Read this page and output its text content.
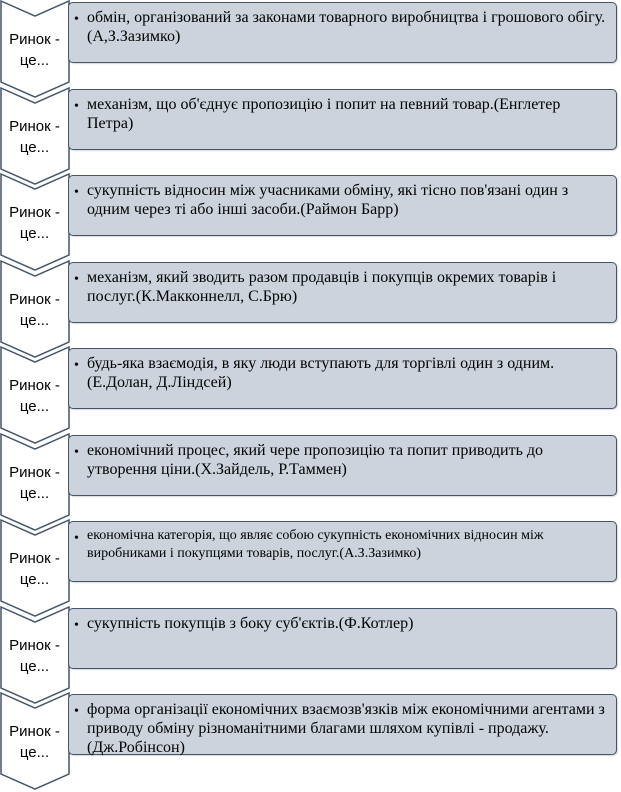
Ринок -
це...
• обмін, організований за законами товарного виробництва і грошового обігу. (А,З.Зазимко)
Ринок -
це...
• механізм, що об'єднує пропозицію і попит на певний товар.(Енглетер Петра)
Ринок -
це...
• сукупність відносин між учасниками обміну, які тісно пов'язані один з одним через ті або інші засоби.(Раймон Барр)
Ринок -
це...
• механізм, який зводить разом продавців і покупців окремих товарів і послуг.(К.Макконнелл, С.Брю)
Ринок -
це...
• будь-яка взаємодія, в яку люди вступають для торгівлі один з одним.(Е.Долан, Д.Ліндсей)
Ринок -
це...
• економічний процес, який чере пропозицію та попит приводить до утворення ціни.(Х.Зайдель, Р.Таммен)
Ринок -
це...
• економічна категорія, що являє собою сукупність економічних відносин між виробниками і покупцями товарів, послуг.(А.З.Зазимко)
Ринок -
це...
• сукупність покупців з боку суб'єктів.(Ф.Котлер)
Ринок -
це...
• форма організації економічних взаємозв'язків між економічними агентами з приводу обміну різноманітними благами шляхом купівлі - продажу.(Дж.Робінсон)
